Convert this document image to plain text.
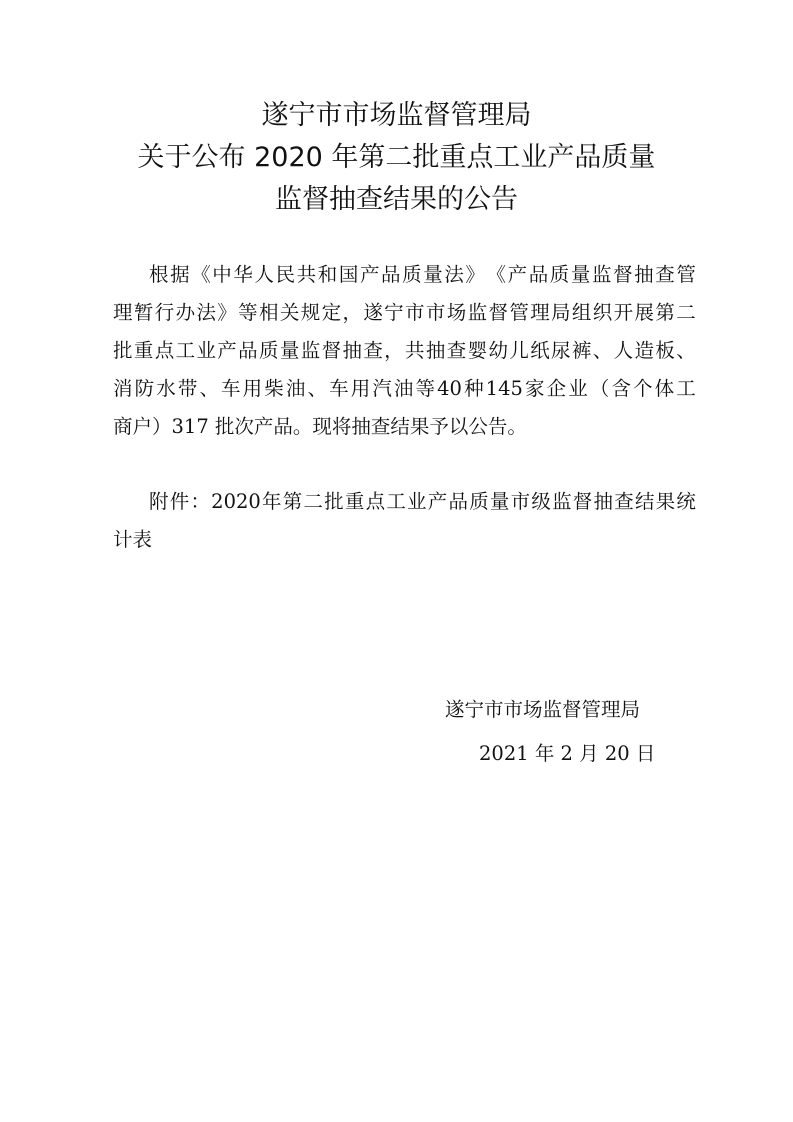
遂宁市市场监督管理局
关于公布 2020 年第二批重点工业产品质量
监督抽查结果的公告
根 据 《 中 华 人 民 共 和 国 产 品 质 量 法 》 《 产 品 质 量 监 督 抽 查 管
理 暂 行 办 法 》 等 相 关 规 定 ， 遂 宁 市 市 场 监 督 管 理 局 组 织 开 展 第 二
批 重 点 工 业 产 品 质 量 监 督 抽 查 ， 共 抽 查 婴 幼 儿 纸 尿 裤 、 人 造 板 、
消 防 水 带 、 车 用 柴 油 、 车 用 汽 油 等 40 种 145 家 企 业 （ 含 个 体 工
商户）317 批次产品。现将抽查结果予以公告。
附 件 ： 2020 年 第 二 批 重 点 工 业 产 品 质 量 市 级 监 督 抽 查 结 果 统
计表
遂宁市市场监督管理局
2021 年 2 月 20 日
